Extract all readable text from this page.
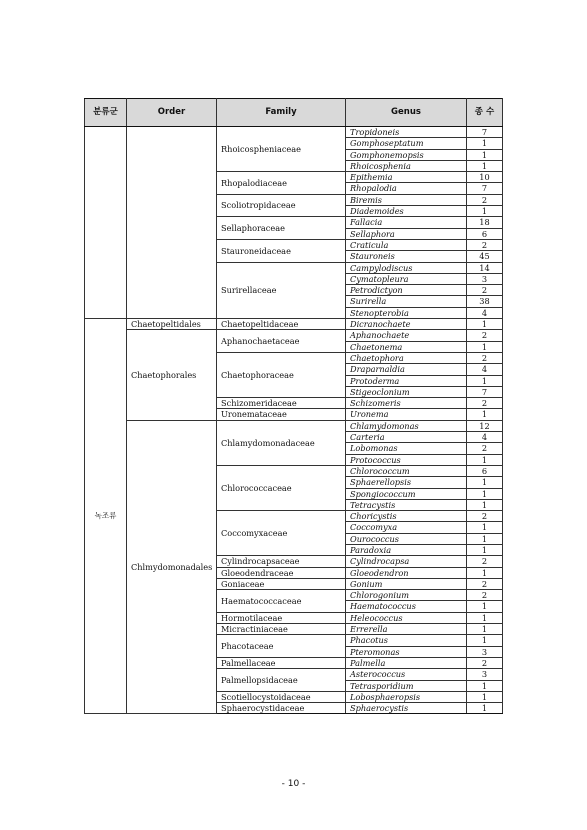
분류군	Order	Family	Genus	종 수
		Rhoicospheniaceae	Tropidoneis	7
			Gomphoseptatum	1
			Gomphonemopsis	1
			Rhoicosphenia	1
		Rhopalodiaceae	Epithemia	10
			Rhopalodia	7
		Scoliotropidaceae	Biremis	2
			Diademoides	1
		Sellaphoraceae	Fallacia	18
			Sellaphora	6
		Stauroneidaceae	Craticula	2
			Stauroneis	45
		Surirellaceae	Campylodiscus	14
			Cymatopleura	3
			Petrodictyon	2
			Surirella	38
			Stenopterobia	4
녹조류	Chaetopeltidales	Chaetopeltidaceae	Dicranochaete	1
	Chaetophorales	Aphanochaetaceae	Aphanochaete	2
			Chaetonema	1
		Chaetophoraceae	Chaetophora	2
			Draparnaldia	4
			Protoderma	1
			Stigeoclonium	7
		Schizomeridaceae	Schizomeris	2
		Uronemataceae	Uronema	1
	Chlmydomonadales	Chlamydomonadaceae	Chlamydomonas	12
			Carteria	4
			Lobomonas	2
			Protococcus	1
		Chlorococcaceae	Chlorococcum	6
			Sphaerellopsis	1
			Spongiococcum	1
			Tetracystis	1
		Coccomyxaceae	Choricystis	2
			Coccomyxa	1
			Ourococcus	1
			Paradoxia	1
		Cylindrocapsaceae	Cylindrocapsa	2
		Gloeodendraceae	Gloeodendron	1
		Goniaceae	Gonium	2
		Haematococcaceae	Chlorogonium	2
			Haematococcus	1
		Hormotilaceae	Heleococcus	1
		Micractiniaceae	Errerella	1
		Phacotaceae	Phacotus	1
			Pteromonas	3
		Palmellaceae	Palmella	2
		Palmellopsidaceae	Asterococcus	3
			Tetrasporidium	1
		Scotiellocystoidaceae	Lobosphaeropsis	1
		Sphaerocystidaceae	Sphaerocystis	1
- 10 -
